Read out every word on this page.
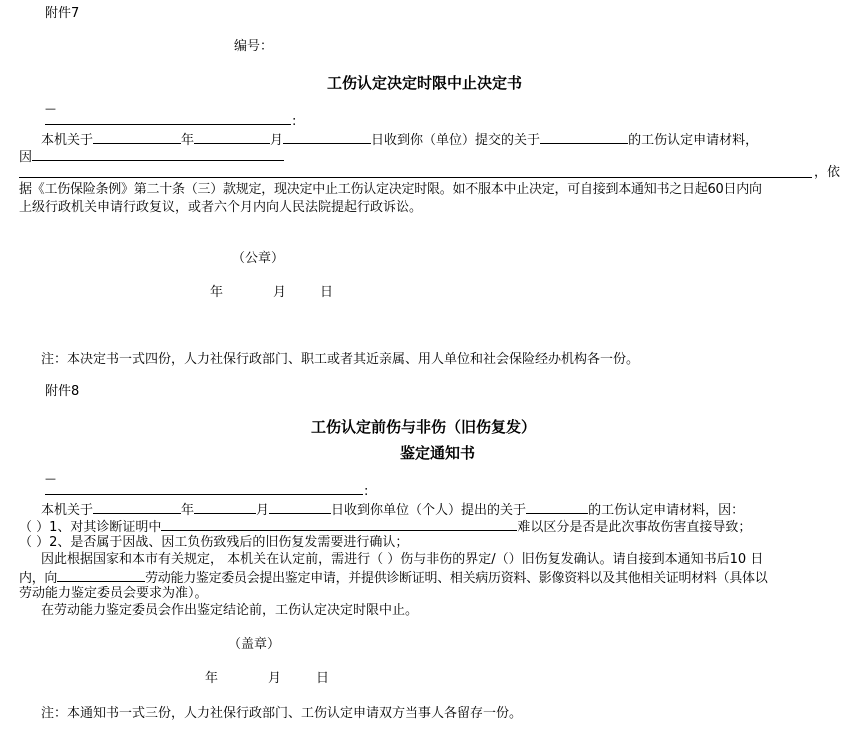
附件7
编号：
工伤认定决定时限中止决定书
—
:
本机关于	年	月	日收到你（单位）提交的关于	的工伤认定申请材料，
因
，依
据《工伤保险条例》第二十条（三）款规定，现决定中止工伤认定决定时限。如不服本中止决定，可自接到本通知书之日起60日内向
上级行政机关申请行政复议，或者六个月内向人民法院提起行政诉讼。
（公章）
年	月	日
注：本决定书一式四份，人力社保行政部门、职工或者其近亲属、用人单位和社会保险经办机构各一份。
附件8
工伤认定前伤与非伤（旧伤复发）
鉴定通知书
—
:
本机关于	年	月	日收到你单位（个人）提出的关于	的工伤认定申请材料，因：
（ ）1、对其诊断证明中	难以区分是否是此次事故伤害直接导致；
（ ）2、是否属于因战、因工负伤致残后的旧伤复发需要进行确认；
因此根据国家和本市有关规定， 本机关在认定前，需进行（ ）伤与非伤的界定/（）旧伤复发确认。请自接到本通知书后10 日
内，向	劳动能力鉴定委员会提出鉴定申请，并提供诊断证明、相关病历资料、影像资料以及其他相关证明材料（具体以
劳动能力鉴定委员会要求为准）。
在劳动能力鉴定委员会作出鉴定结论前，工伤认定决定时限中止。
（盖章）
年	月	日
注：本通知书一式三份，人力社保行政部门、工伤认定申请双方当事人各留存一份。
